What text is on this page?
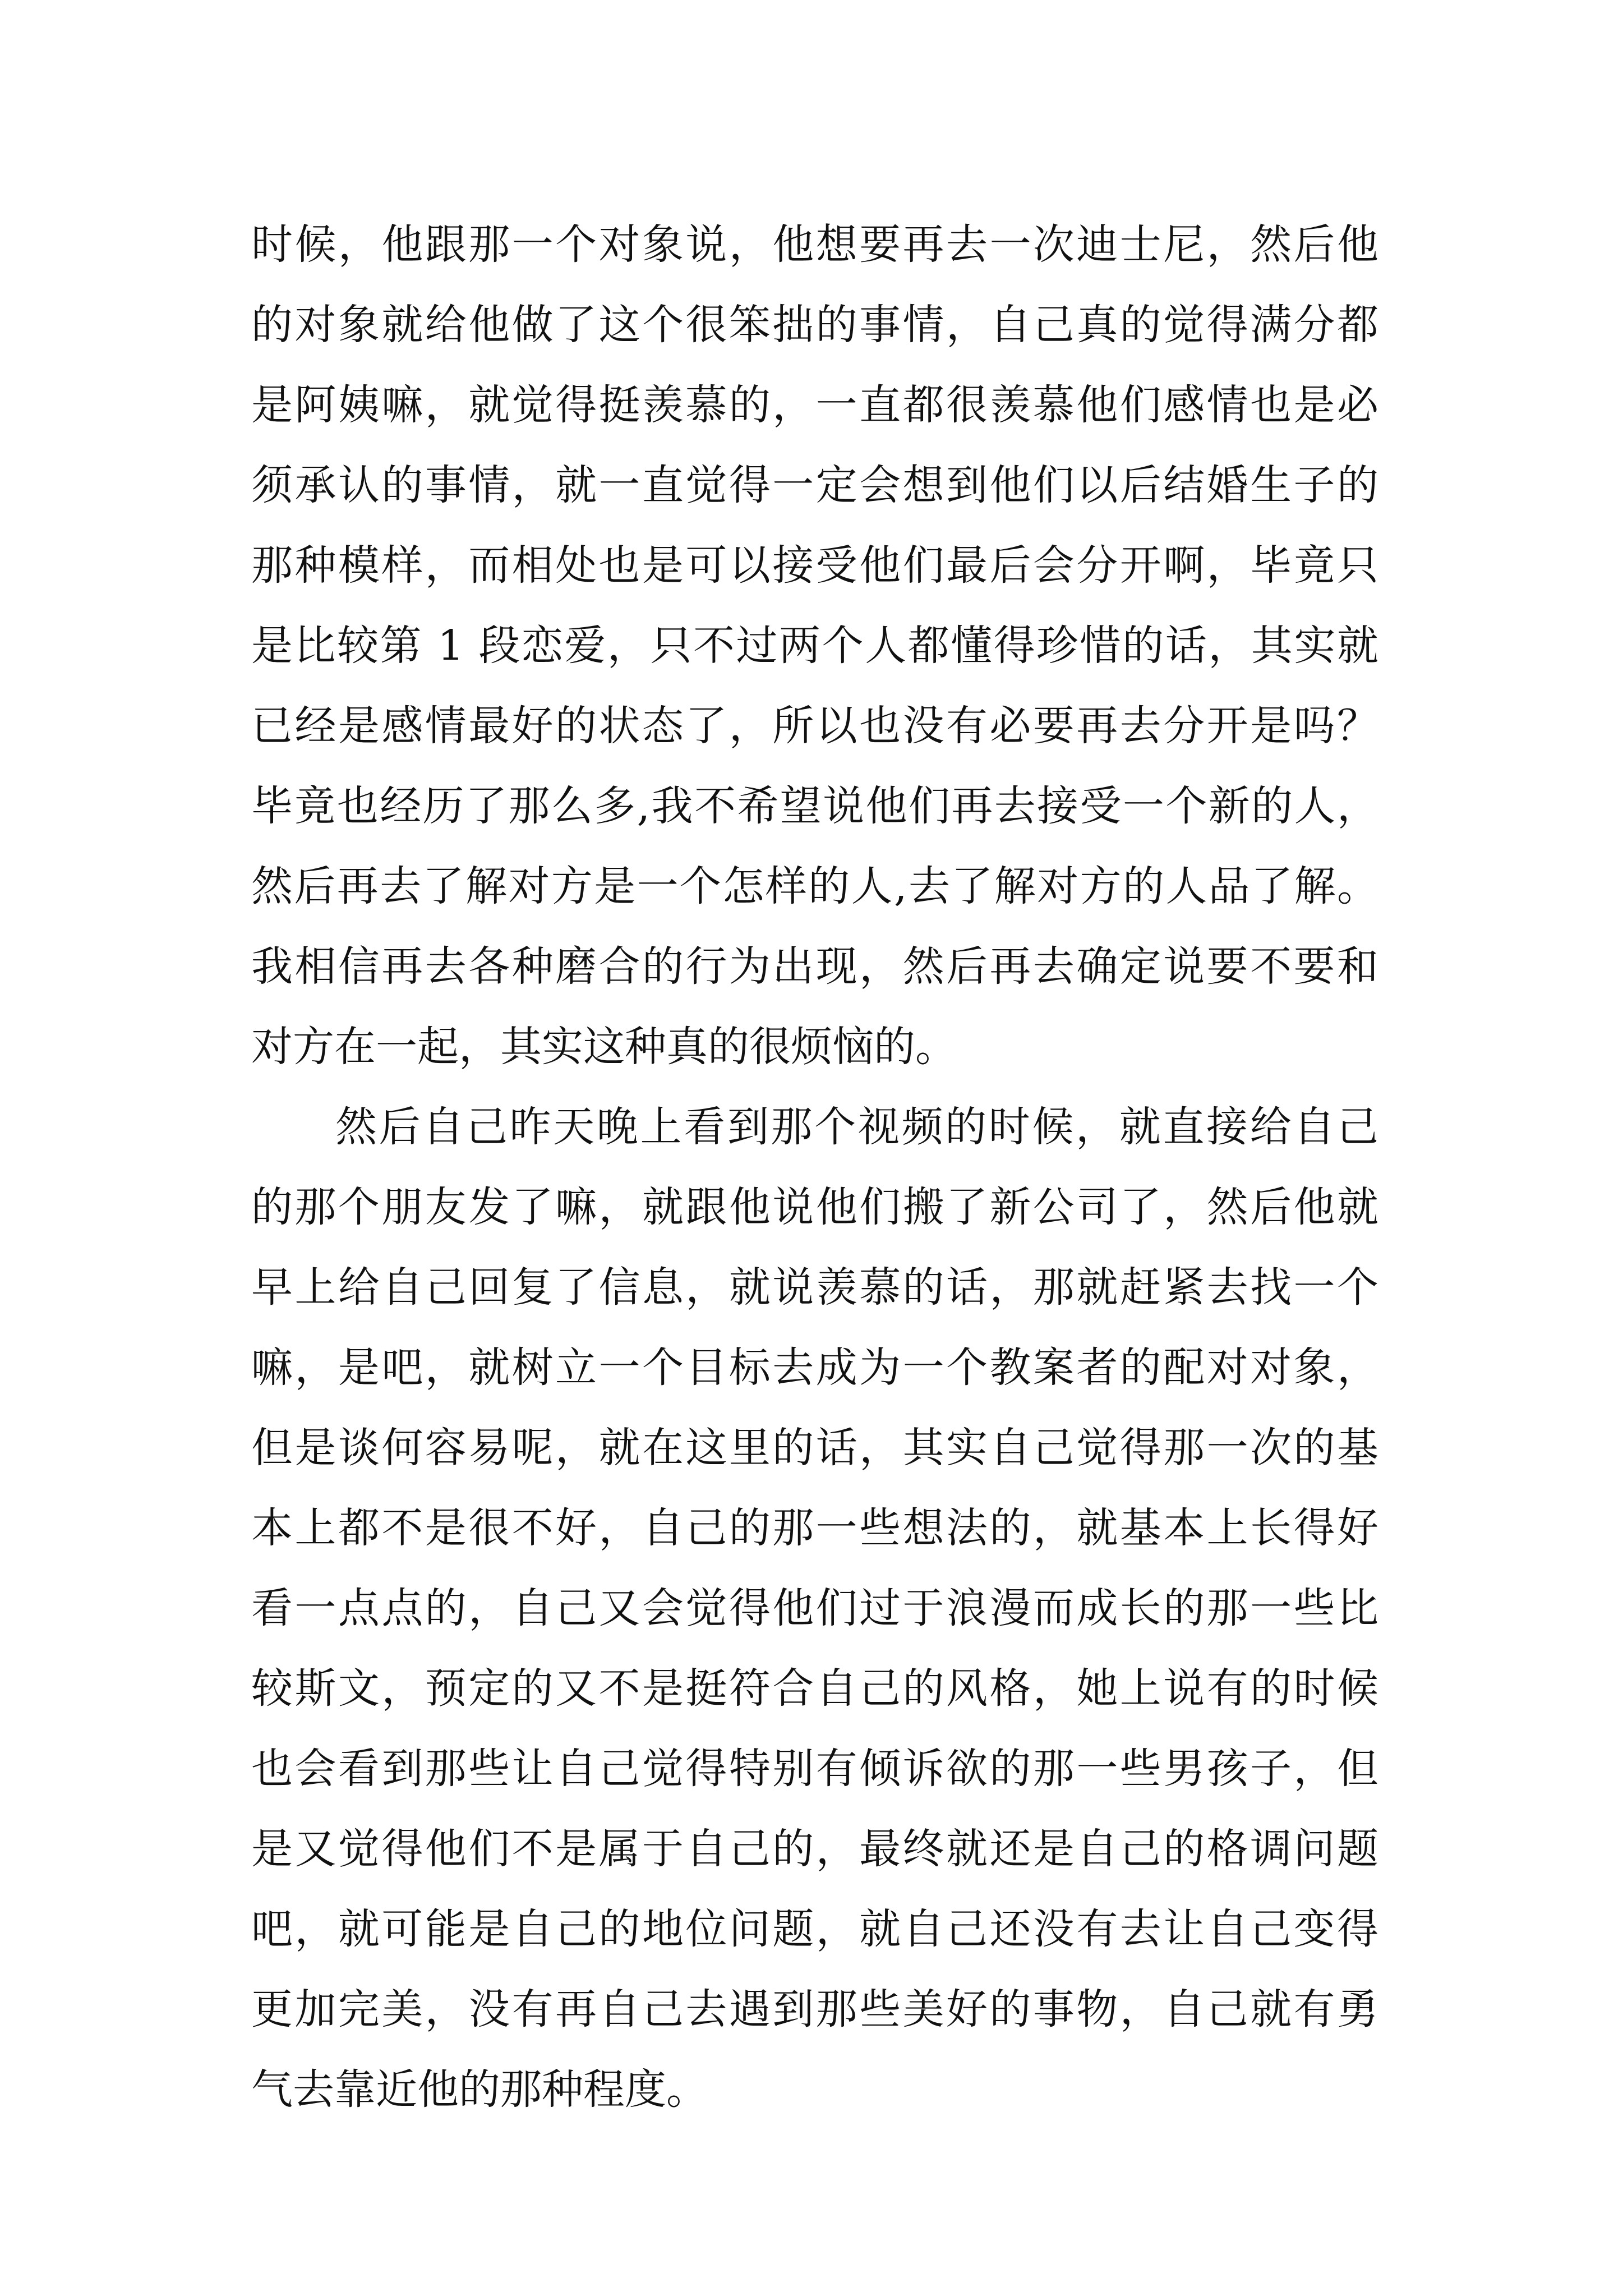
时候，他跟那一个对象说，他想要再去一次迪士尼，然后他
的对象就给他做了这个很笨拙的事情，自己真的觉得满分都
是阿姨嘛，就觉得挺羡慕的，一直都很羡慕他们感情也是必
须承认的事情，就一直觉得一定会想到他们以后结婚生子的
那种模样，而相处也是可以接受他们最后会分开啊，毕竟只
是比较第 1 段恋爱，只不过两个人都懂得珍惜的话，其实就
已经是感情最好的状态了，所以也没有必要再去分开是吗？
毕竟也经历了那么多,我不希望说他们再去接受一个新的人，
然后再去了解对方是一个怎样的人,去了解对方的人品了解。
我相信再去各种磨合的行为出现，然后再去确定说要不要和
对方在一起，其实这种真的很烦恼的。
然后自己昨天晚上看到那个视频的时候，就直接给自己
的那个朋友发了嘛，就跟他说他们搬了新公司了，然后他就
早上给自己回复了信息，就说羡慕的话，那就赶紧去找一个
嘛，是吧，就树立一个目标去成为一个教案者的配对对象，
但是谈何容易呢，就在这里的话，其实自己觉得那一次的基
本上都不是很不好，自己的那一些想法的，就基本上长得好
看一点点的，自己又会觉得他们过于浪漫而成长的那一些比
较斯文，预定的又不是挺符合自己的风格，她上说有的时候
也会看到那些让自己觉得特别有倾诉欲的那一些男孩子，但
是又觉得他们不是属于自己的，最终就还是自己的格调问题
吧，就可能是自己的地位问题，就自己还没有去让自己变得
更加完美，没有再自己去遇到那些美好的事物，自己就有勇
气去靠近他的那种程度。
